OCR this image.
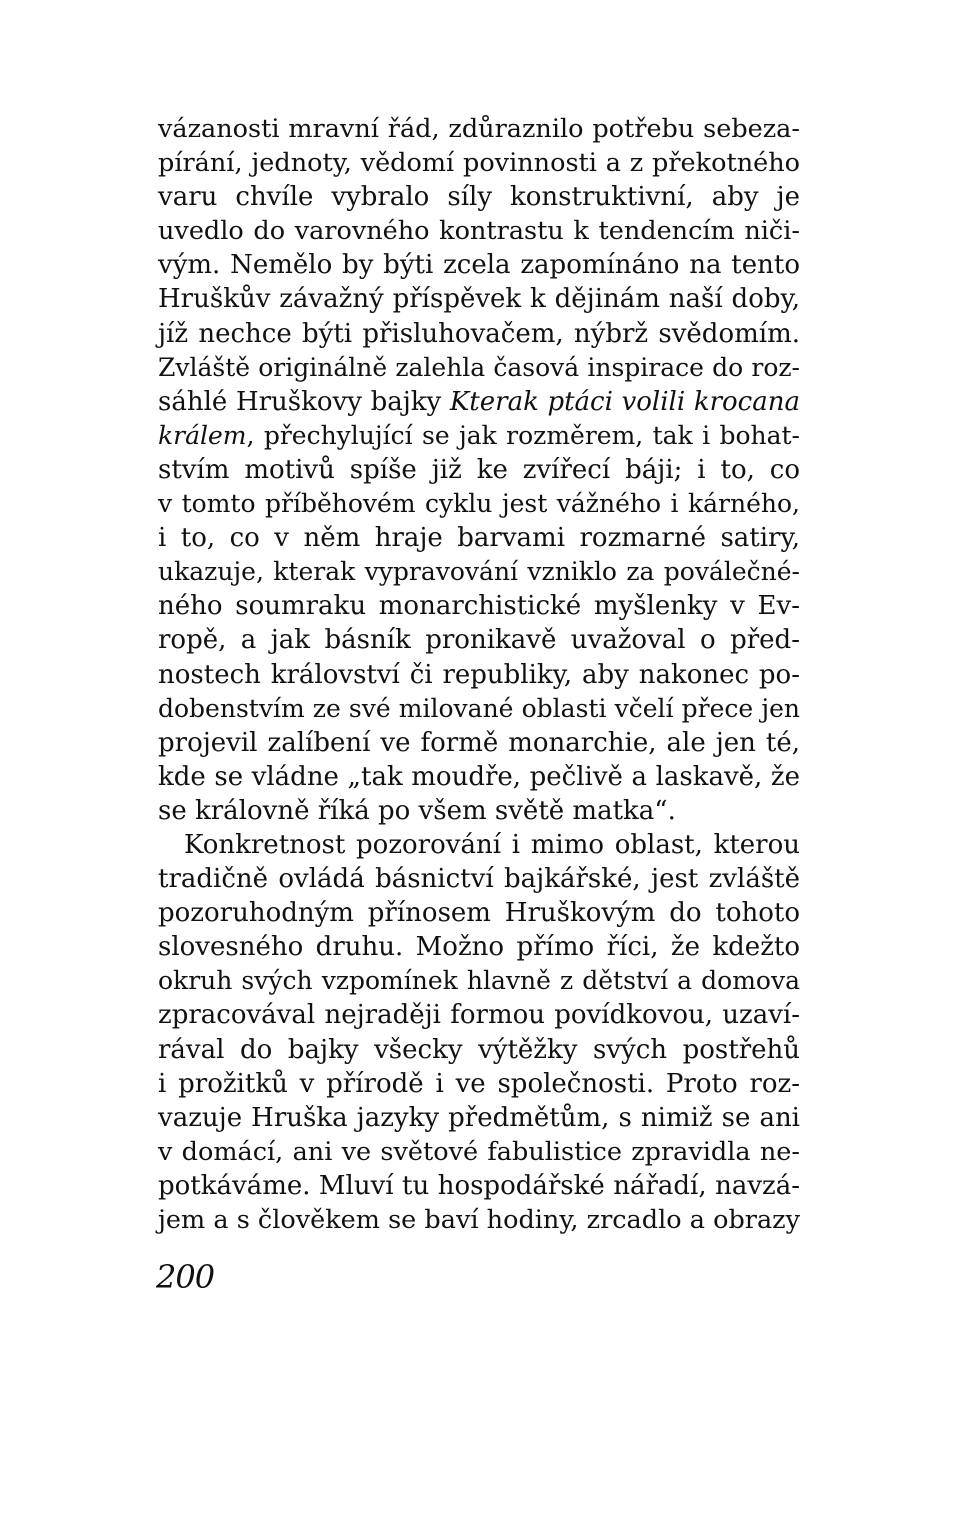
vázanosti mravní řád, zdůraznilo potřebu sebeza-
pírání, jednoty, vědomí povinnosti a z překotného
varu chvíle vybralo síly konstruktivní, aby je
uvedlo do varovného kontrastu k tendencím niči-
vým. Nemělo by býti zcela zapomínáno na tento
Hruškův závažný příspěvek k dějinám naší doby,
jíž nechce býti přisluhovačem, nýbrž svědomím.
Zvláště originálně zalehla časová inspirace do roz-
sáhlé Hruškovy bajky Kterak ptáci volili krocana
králem, přechylující se jak rozměrem, tak i bohat-
stvím motivů spíše již ke zvířecí báji; i to, co
v tomto příběhovém cyklu jest vážného i kárného,
i to, co v něm hraje barvami rozmarné satiry,
ukazuje, kterak vypravování vzniklo za poválečné-
ného soumraku monarchistické myšlenky v Ev-
ropě, a jak básník pronikavě uvažoval o před-
nostech království či republiky, aby nakonec po-
dobenstvím ze své milované oblasti včelí přece jen
projevil zalíbení ve formě monarchie, ale jen té,
kde se vládne „tak moudře, pečlivě a laskavě, že
se královně říká po všem světě matka“.
Konkretnost pozorování i mimo oblast, kterou
tradičně ovládá básnictví bajkářské, jest zvláště
pozoruhodným přínosem Hruškovým do tohoto
slovesného druhu. Možno přímo říci, že kdežto
okruh svých vzpomínek hlavně z dětství a domova
zpracovával nejraději formou povídkovou, uzaví-
rával do bajky všecky výtěžky svých postřehů
i prožitků v přírodě i ve společnosti. Proto roz-
vazuje Hruška jazyky předmětům, s nimiž se ani
v domácí, ani ve světové fabulistice zpravidla ne-
potkáváme. Mluví tu hospodářské nářadí, navzá-
jem a s člověkem se baví hodiny, zrcadlo a obrazy
200
